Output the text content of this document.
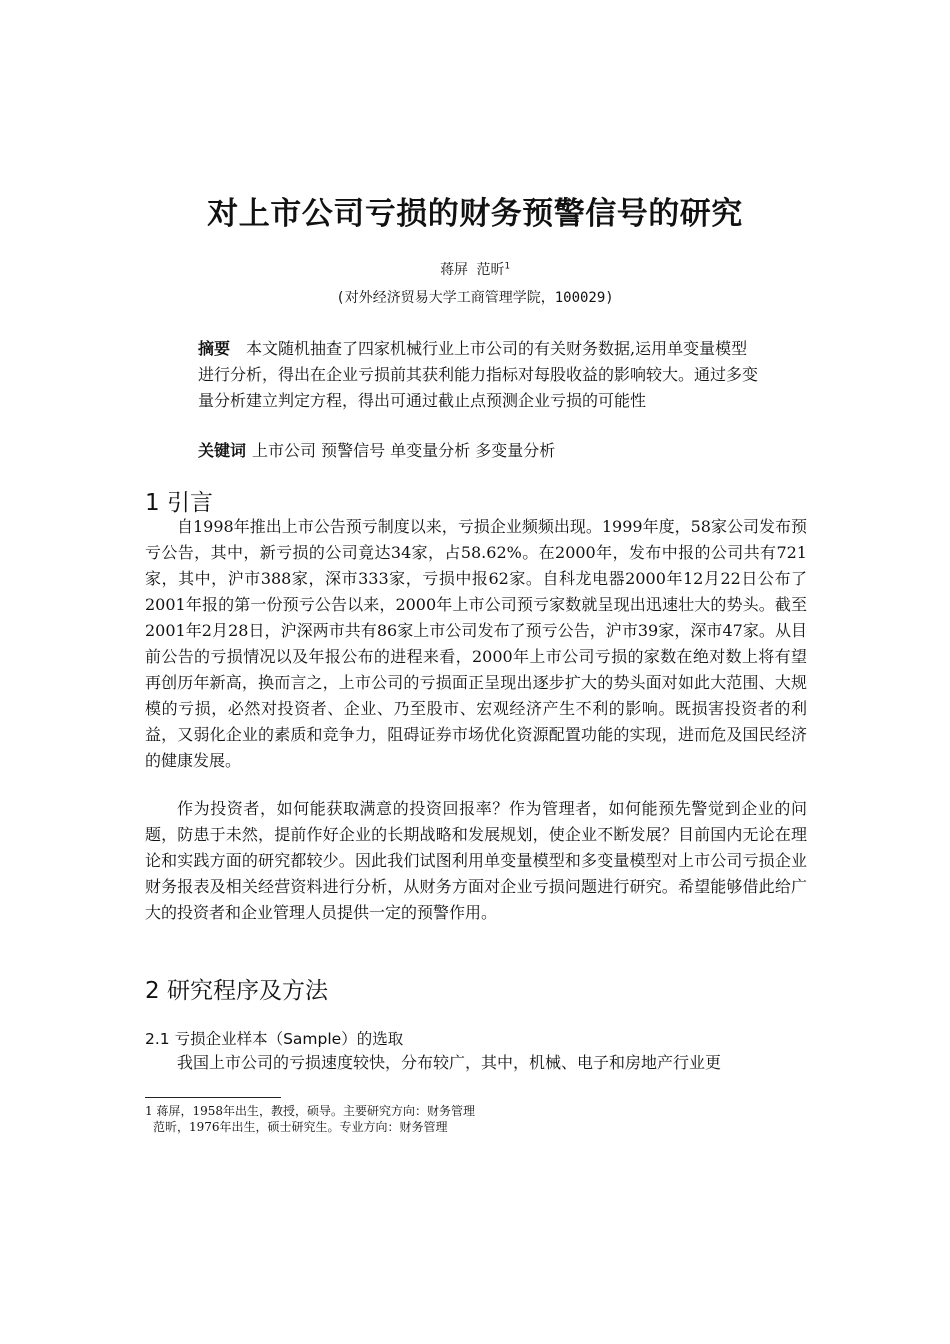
对上市公司亏损的财务预警信号的研究
蒋屏 范昕$^1$
(对外经济贸易大学工商管理学院，100029)
摘要 本文随机抽查了四家机械行业上市公司的有关财务数据,运用单变量模型进行分析，得出在企业亏损前其获利能力指标对每股收益的影响较大。通过多变量分析建立判定方程，得出可通过截止点预测企业亏损的可能性
关键词 上市公司 预警信号 单变量分析 多变量分析
1 引言

自1998年推出上市公告预亏制度以来，亏损企业频频出现。1999年度，58家公司发布预亏公告，其中，新亏损的公司竟达34家，占58.62%。在2000年，发布中报的公司共有721家，其中，沪市388家，深市333家，亏损中报62家。自科龙电器2000年12月22日公布了2001年报的第一份预亏公告以来，2000年上市公司预亏家数就呈现出迅速壮大的势头。截至2001年2月28日，沪深两市共有86家上市公司发布了预亏公告，沪市39家，深市47家。从目前公告的亏损情况以及年报公布的进程来看，2000年上市公司亏损的家数在绝对数上将有望再创历年新高，换而言之，上市公司的亏损面正呈现出逐步扩大的势头面对如此大范围、大规模的亏损，必然对投资者、企业、乃至股市、宏观经济产生不利的影响。既损害投资者的利益，又弱化企业的素质和竞争力，阻碍证券市场优化资源配置功能的实现，进而危及国民经济的健康发展。

作为投资者，如何能获取满意的投资回报率？作为管理者，如何能预先警觉到企业的问题，防患于未然，提前作好企业的长期战略和发展规划，使企业不断发展？目前国内无论在理论和实践方面的研究都较少。因此我们试图利用单变量模型和多变量模型对上市公司亏损企业财务报表及相关经营资料进行分析，从财务方面对企业亏损问题进行研究。希望能够借此给广大的投资者和企业管理人员提供一定的预警作用。

2 研究程序及方法
2.1 亏损企业样本（Sample）的选取

我国上市公司的亏损速度较快，分布较广，其中，机械、电子和房地产行业更

1 蒋屏，1958年出生，教授，硕导。主要研究方向：财务管理

范昕，1976年出生，硕士研究生。专业方向：财务管理
